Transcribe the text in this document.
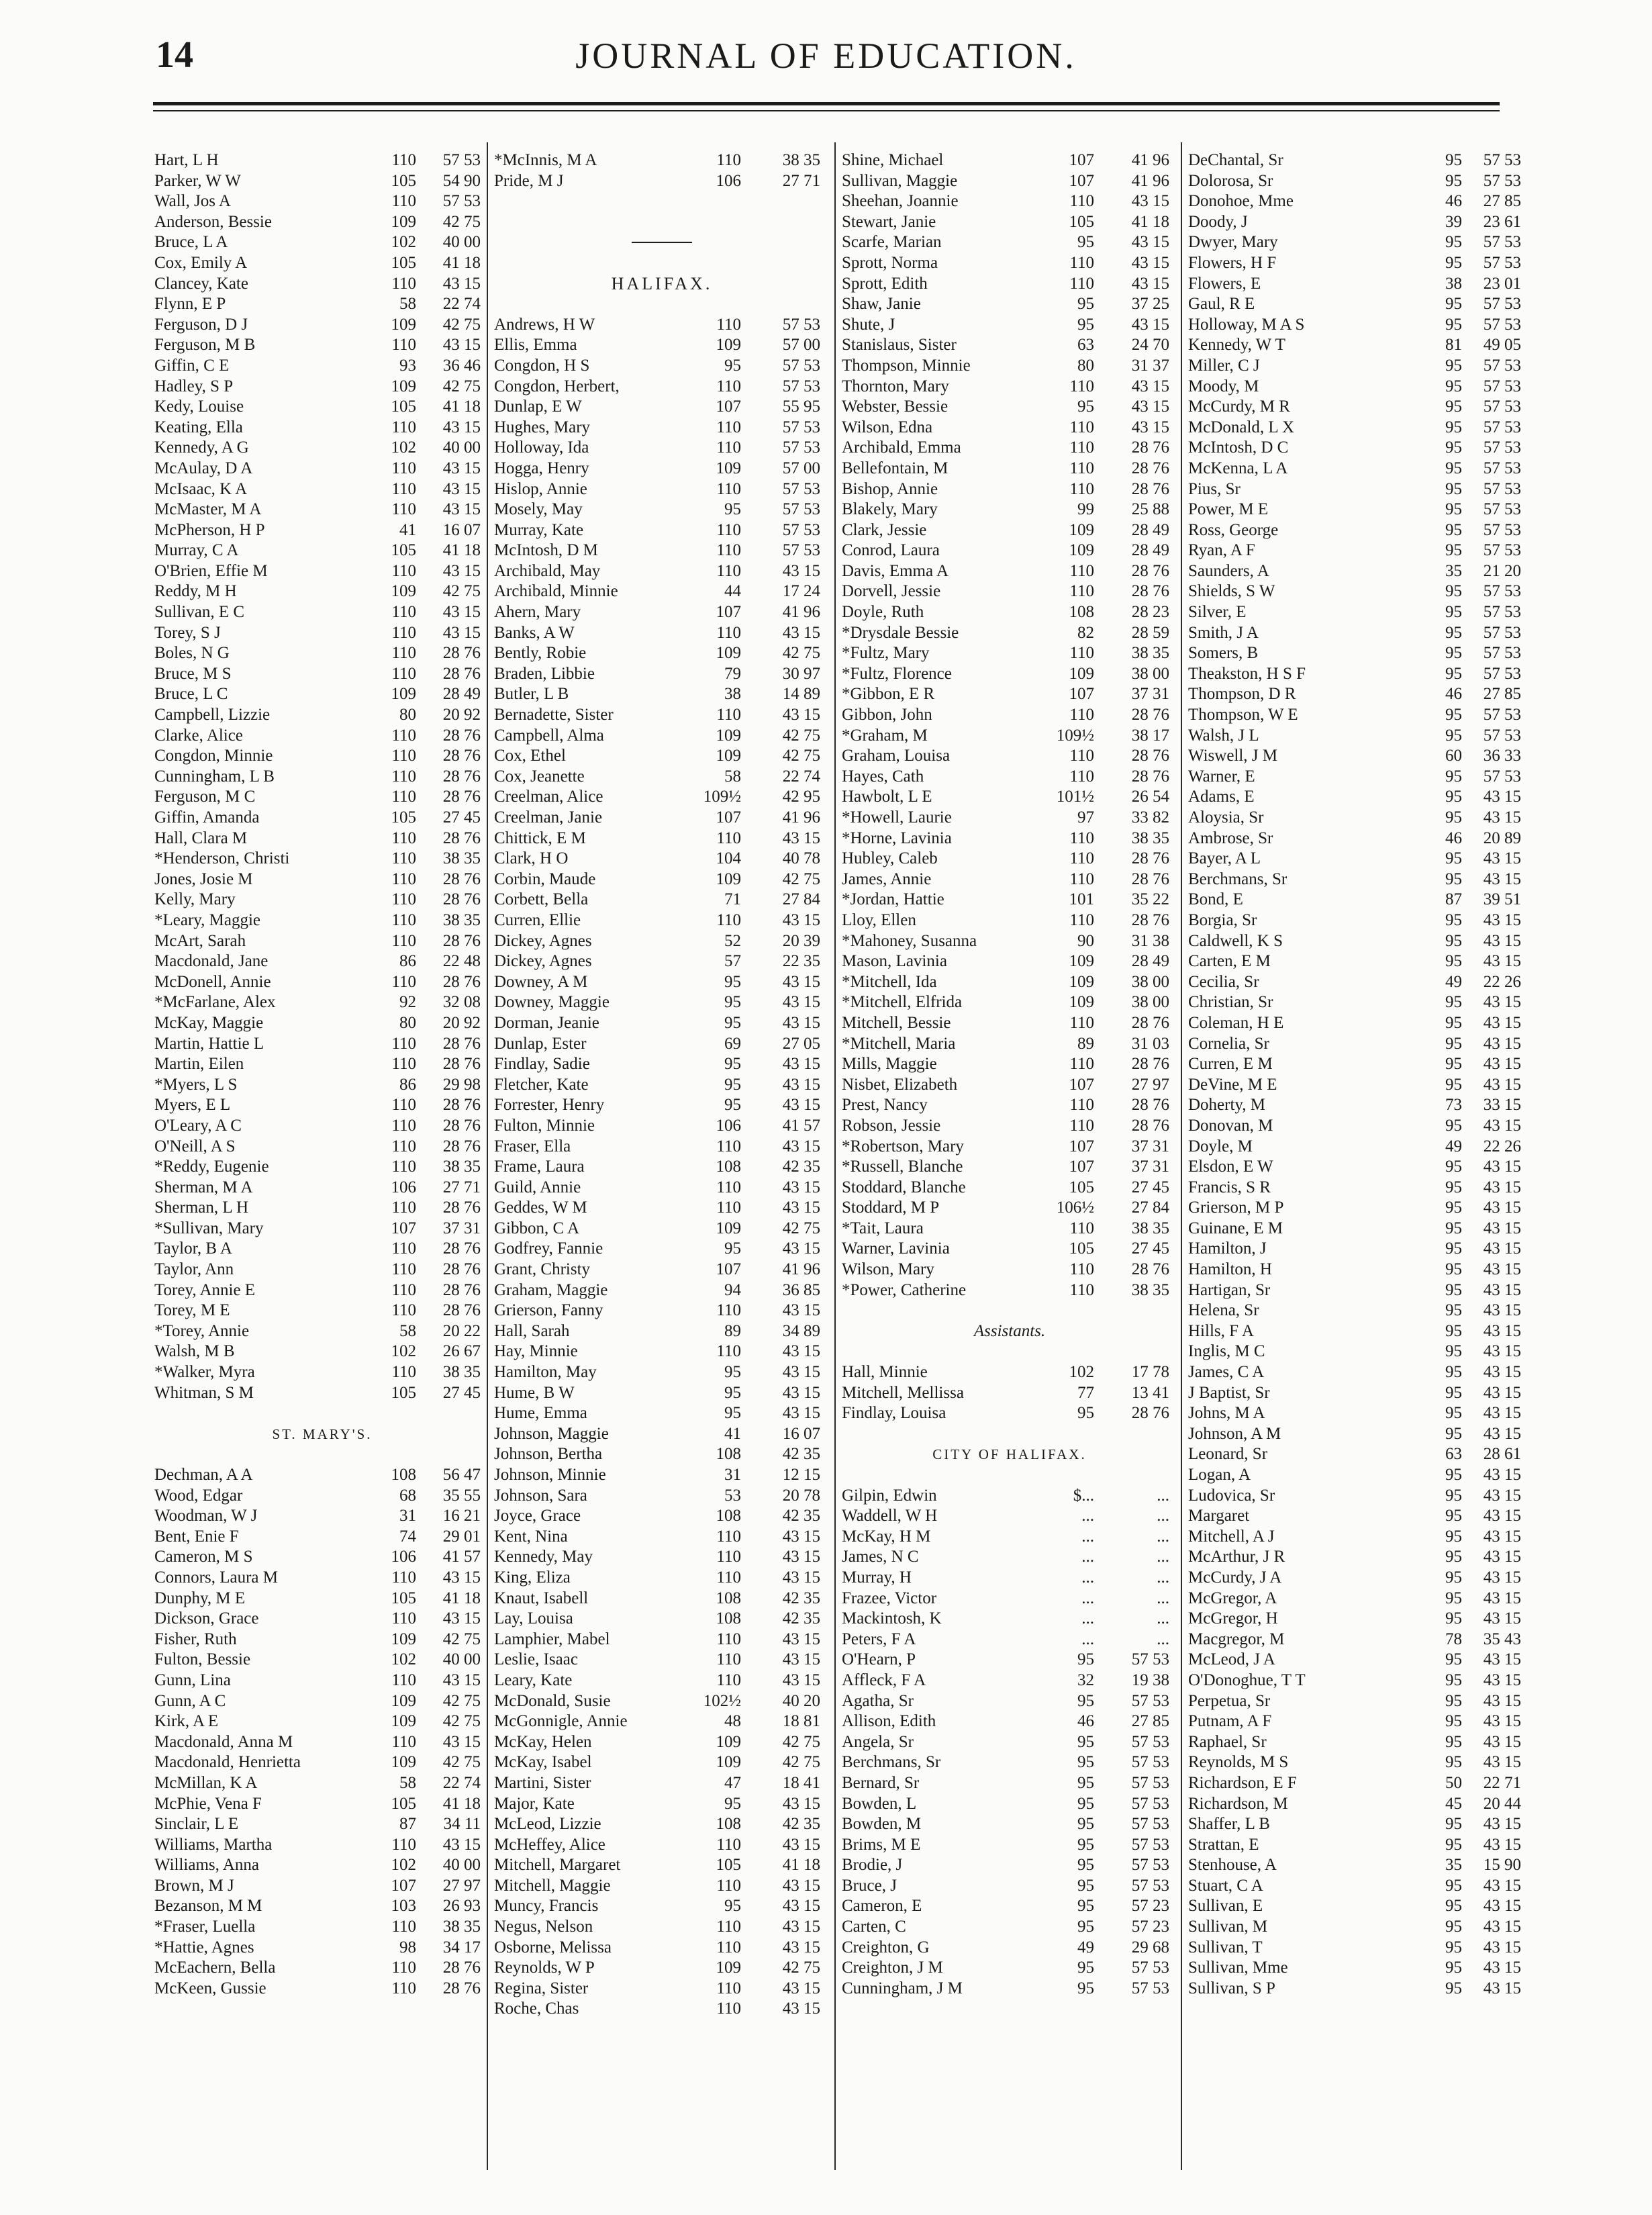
14	JOURNAL OF EDUCATION.
Hart, L H	110	57 53
Parker, W W	105	54 90
Wall, Jos A	110	57 53
Anderson, Bessie	109	42 75
Bruce, L A	102	40 00
Cox, Emily A	105	41 18
Clancey, Kate	110	43 15
Flynn, E P	58	22 74
Ferguson, D J	109	42 75
Ferguson, M B	110	43 15
Giffin, C E	93	36 46
Hadley, S P	109	42 75
Kedy, Louise	105	41 18
Keating, Ella	110	43 15
Kennedy, A G	102	40 00
McAulay, D A	110	43 15
McIsaac, K A	110	43 15
McMaster, M A	110	43 15
McPherson, H P	41	16 07
Murray, C A	105	41 18
O'Brien, Effie M	110	43 15
Reddy, M H	109	42 75
Sullivan, E C	110	43 15
Torey, S J	110	43 15
Boles, N G	110	28 76
Bruce, M S	110	28 76
Bruce, L C	109	28 49
Campbell, Lizzie	80	20 92
Clarke, Alice	110	28 76
Congdon, Minnie	110	28 76
Cunningham, L B	110	28 76
Ferguson, M C	110	28 76
Giffin, Amanda	105	27 45
Hall, Clara M	110	28 76
*Henderson, Christi	110	38 35
Jones, Josie M	110	28 76
Kelly, Mary	110	28 76
*Leary, Maggie	110	38 35
McArt, Sarah	110	28 76
Macdonald, Jane	86	22 48
McDonell, Annie	110	28 76
*McFarlane, Alex	92	32 08
McKay, Maggie	80	20 92
Martin, Hattie L	110	28 76
Martin, Eilen	110	28 76
*Myers, L S	86	29 98
Myers, E L	110	28 76
O'Leary, A C	110	28 76
O'Neill, A S	110	28 76
*Reddy, Eugenie	110	38 35
Sherman, M A	106	27 71
Sherman, L H	110	28 76
*Sullivan, Mary	107	37 31
Taylor, B A	110	28 76
Taylor, Ann	110	28 76
Torey, Annie E	110	28 76
Torey, M E	110	28 76
*Torey, Annie	58	20 22
Walsh, M B	102	26 67
*Walker, Myra	110	38 35
Whitman, S M	105	27 45
ST. MARY'S.
Dechman, A A	108	56 47
Wood, Edgar	68	35 55
Woodman, W J	31	16 21
Bent, Enie F	74	29 01
Cameron, M S	106	41 57
Connors, Laura M	110	43 15
Dunphy, M E	105	41 18
Dickson, Grace	110	43 15
Fisher, Ruth	109	42 75
Fulton, Bessie	102	40 00
Gunn, Lina	110	43 15
Gunn, A C	109	42 75
Kirk, A E	109	42 75
Macdonald, Anna M	110	43 15
Macdonald, Henrietta	109	42 75
McMillan, K A	58	22 74
McPhie, Vena F	105	41 18
Sinclair, L E	87	34 11
Williams, Martha	110	43 15
Williams, Anna	102	40 00
Brown, M J	107	27 97
Bezanson, M M	103	26 93
*Fraser, Luella	110	38 35
*Hattie, Agnes	98	34 17
McEachern, Bella	110	28 76
McKeen, Gussie	110	28 76
*McInnis, M A	110	38 35
Pride, M J	106	27 71
HALIFAX.
Andrews, H W	110	57 53
Ellis, Emma	109	57 00
Congdon, H S	95	57 53
Congdon, Herbert,	110	57 53
Dunlap, E W	107	55 95
Hughes, Mary	110	57 53
Holloway, Ida	110	57 53
Hogga, Henry	109	57 00
Hislop, Annie	110	57 53
Mosely, May	95	57 53
Murray, Kate	110	57 53
McIntosh, D M	110	57 53
Archibald, May	110	43 15
Archibald, Minnie	44	17 24
Ahern, Mary	107	41 96
Banks, A W	110	43 15
Bently, Robie	109	42 75
Braden, Libbie	79	30 97
Butler, L B	38	14 89
Bernadette, Sister	110	43 15
Campbell, Alma	109	42 75
Cox, Ethel	109	42 75
Cox, Jeanette	58	22 74
Creelman, Alice	109½	42 95
Creelman, Janie	107	41 96
Chittick, E M	110	43 15
Clark, H O	104	40 78
Corbin, Maude	109	42 75
Corbett, Bella	71	27 84
Curren, Ellie	110	43 15
Dickey, Agnes	52	20 39
Dickey, Agnes	57	22 35
Downey, A M	95	43 15
Downey, Maggie	95	43 15
Dorman, Jeanie	95	43 15
Dunlap, Ester	69	27 05
Findlay, Sadie	95	43 15
Fletcher, Kate	95	43 15
Forrester, Henry	95	43 15
Fulton, Minnie	106	41 57
Fraser, Ella	110	43 15
Frame, Laura	108	42 35
Guild, Annie	110	43 15
Geddes, W M	110	43 15
Gibbon, C A	109	42 75
Godfrey, Fannie	95	43 15
Grant, Christy	107	41 96
Graham, Maggie	94	36 85
Grierson, Fanny	110	43 15
Hall, Sarah	89	34 89
Hay, Minnie	110	43 15
Hamilton, May	95	43 15
Hume, B W	95	43 15
Hume, Emma	95	43 15
Johnson, Maggie	41	16 07
Johnson, Bertha	108	42 35
Johnson, Minnie	31	12 15
Johnson, Sara	53	20 78
Joyce, Grace	108	42 35
Kent, Nina	110	43 15
Kennedy, May	110	43 15
King, Eliza	110	43 15
Knaut, Isabell	108	42 35
Lay, Louisa	108	42 35
Lamphier, Mabel	110	43 15
Leslie, Isaac	110	43 15
Leary, Kate	110	43 15
McDonald, Susie	102½	40 20
McGonnigle, Annie	48	18 81
McKay, Helen	109	42 75
McKay, Isabel	109	42 75
Martini, Sister	47	18 41
Major, Kate	95	43 15
McLeod, Lizzie	108	42 35
McHeffey, Alice	110	43 15
Mitchell, Margaret	105	41 18
Mitchell, Maggie	110	43 15
Muncy, Francis	95	43 15
Negus, Nelson	110	43 15
Osborne, Melissa	110	43 15
Reynolds, W P	109	42 75
Regina, Sister	110	43 15
Roche, Chas	110	43 15
Shine, Michael	107	41 96
Sullivan, Maggie	107	41 96
Sheehan, Joannie	110	43 15
Stewart, Janie	105	41 18
Scarfe, Marian	95	43 15
Sprott, Norma	110	43 15
Sprott, Edith	110	43 15
Shaw, Janie	95	37 25
Shute, J	95	43 15
Stanislaus, Sister	63	24 70
Thompson, Minnie	80	31 37
Thornton, Mary	110	43 15
Webster, Bessie	95	43 15
Wilson, Edna	110	43 15
Archibald, Emma	110	28 76
Bellefontain, M	110	28 76
Bishop, Annie	110	28 76
Blakely, Mary	99	25 88
Clark, Jessie	109	28 49
Conrod, Laura	109	28 49
Davis, Emma A	110	28 76
Dorvell, Jessie	110	28 76
Doyle, Ruth	108	28 23
*Drysdale Bessie	82	28 59
*Fultz, Mary	110	38 35
*Fultz, Florence	109	38 00
*Gibbon, E R	107	37 31
Gibbon, John	110	28 76
*Graham, M	109½	38 17
Graham, Louisa	110	28 76
Hayes, Cath	110	28 76
Hawbolt, L E	101½	26 54
*Howell, Laurie	97	33 82
*Horne, Lavinia	110	38 35
Hubley, Caleb	110	28 76
James, Annie	110	28 76
*Jordan, Hattie	101	35 22
Lloy, Ellen	110	28 76
*Mahoney, Susanna	90	31 38
Mason, Lavinia	109	28 49
*Mitchell, Ida	109	38 00
*Mitchell, Elfrida	109	38 00
Mitchell, Bessie	110	28 76
*Mitchell, Maria	89	31 03
Mills, Maggie	110	28 76
Nisbet, Elizabeth	107	27 97
Prest, Nancy	110	28 76
Robson, Jessie	110	28 76
*Robertson, Mary	107	37 31
*Russell, Blanche	107	37 31
Stoddard, Blanche	105	27 45
Stoddard, M P	106½	27 84
*Tait, Laura	110	38 35
Warner, Lavinia	105	27 45
Wilson, Mary	110	28 76
*Power, Catherine	110	38 35
Assistants.
Hall, Minnie	102	17 78
Mitchell, Mellissa	77	13 41
Findlay, Louisa	95	28 76
CITY OF HALIFAX.
Gilpin, Edwin	$...	...
Waddell, W H	...	...
McKay, H M	...	...
James, N C	...	...
Murray, H	...	...
Frazee, Victor	...	...
Mackintosh, K	...	...
Peters, F A	...	...
O'Hearn, P	95	57 53
Affleck, F A	32	19 38
Agatha, Sr	95	57 53
Allison, Edith	46	27 85
Angela, Sr	95	57 53
Berchmans, Sr	95	57 53
Bernard, Sr	95	57 53
Bowden, L	95	57 53
Bowden, M	95	57 53
Brims, M E	95	57 53
Brodie, J	95	57 53
Bruce, J	95	57 53
Cameron, E	95	57 23
Carten, C	95	57 23
Creighton, G	49	29 68
Creighton, J M	95	57 53
Cunningham, J M	95	57 53
DeChantal, Sr	95	57 53
Dolorosa, Sr	95	57 53
Donohoe, Mme	46	27 85
Doody, J	39	23 61
Dwyer, Mary	95	57 53
Flowers, H F	95	57 53
Flowers, E	38	23 01
Gaul, R E	95	57 53
Holloway, M A S	95	57 53
Kennedy, W T	81	49 05
Miller, C J	95	57 53
Moody, M	95	57 53
McCurdy, M R	95	57 53
McDonald, L X	95	57 53
McIntosh, D C	95	57 53
McKenna, L A	95	57 53
Pius, Sr	95	57 53
Power, M E	95	57 53
Ross, George	95	57 53
Ryan, A F	95	57 53
Saunders, A	35	21 20
Shields, S W	95	57 53
Silver, E	95	57 53
Smith, J A	95	57 53
Somers, B	95	57 53
Theakston, H S F	95	57 53
Thompson, D R	46	27 85
Thompson, W E	95	57 53
Walsh, J L	95	57 53
Wiswell, J M	60	36 33
Warner, E	95	57 53
Adams, E	95	43 15
Aloysia, Sr	95	43 15
Ambrose, Sr	46	20 89
Bayer, A L	95	43 15
Berchmans, Sr	95	43 15
Bond, E	87	39 51
Borgia, Sr	95	43 15
Caldwell, K S	95	43 15
Carten, E M	95	43 15
Cecilia, Sr	49	22 26
Christian, Sr	95	43 15
Coleman, H E	95	43 15
Cornelia, Sr	95	43 15
Curren, E M	95	43 15
DeVine, M E	95	43 15
Doherty, M	73	33 15
Donovan, M	95	43 15
Doyle, M	49	22 26
Elsdon, E W	95	43 15
Francis, S R	95	43 15
Grierson, M P	95	43 15
Guinane, E M	95	43 15
Hamilton, J	95	43 15
Hamilton, H	95	43 15
Hartigan, Sr	95	43 15
Helena, Sr	95	43 15
Hills, F A	95	43 15
Inglis, M C	95	43 15
James, C A	95	43 15
J Baptist, Sr	95	43 15
Johns, M A	95	43 15
Johnson, A M	95	43 15
Leonard, Sr	63	28 61
Logan, A	95	43 15
Ludovica, Sr	95	43 15
Margaret	95	43 15
Mitchell, A J	95	43 15
McArthur, J R	95	43 15
McCurdy, J A	95	43 15
McGregor, A	95	43 15
McGregor, H	95	43 15
Macgregor, M	78	35 43
McLeod, J A	95	43 15
O'Donoghue, T T	95	43 15
Perpetua, Sr	95	43 15
Putnam, A F	95	43 15
Raphael, Sr	95	43 15
Reynolds, M S	95	43 15
Richardson, E F	50	22 71
Richardson, M	45	20 44
Shaffer, L B	95	43 15
Strattan, E	95	43 15
Stenhouse, A	35	15 90
Stuart, C A	95	43 15
Sullivan, E	95	43 15
Sullivan, M	95	43 15
Sullivan, T	95	43 15
Sullivan, Mme	95	43 15
Sullivan, S P	95	43 15
